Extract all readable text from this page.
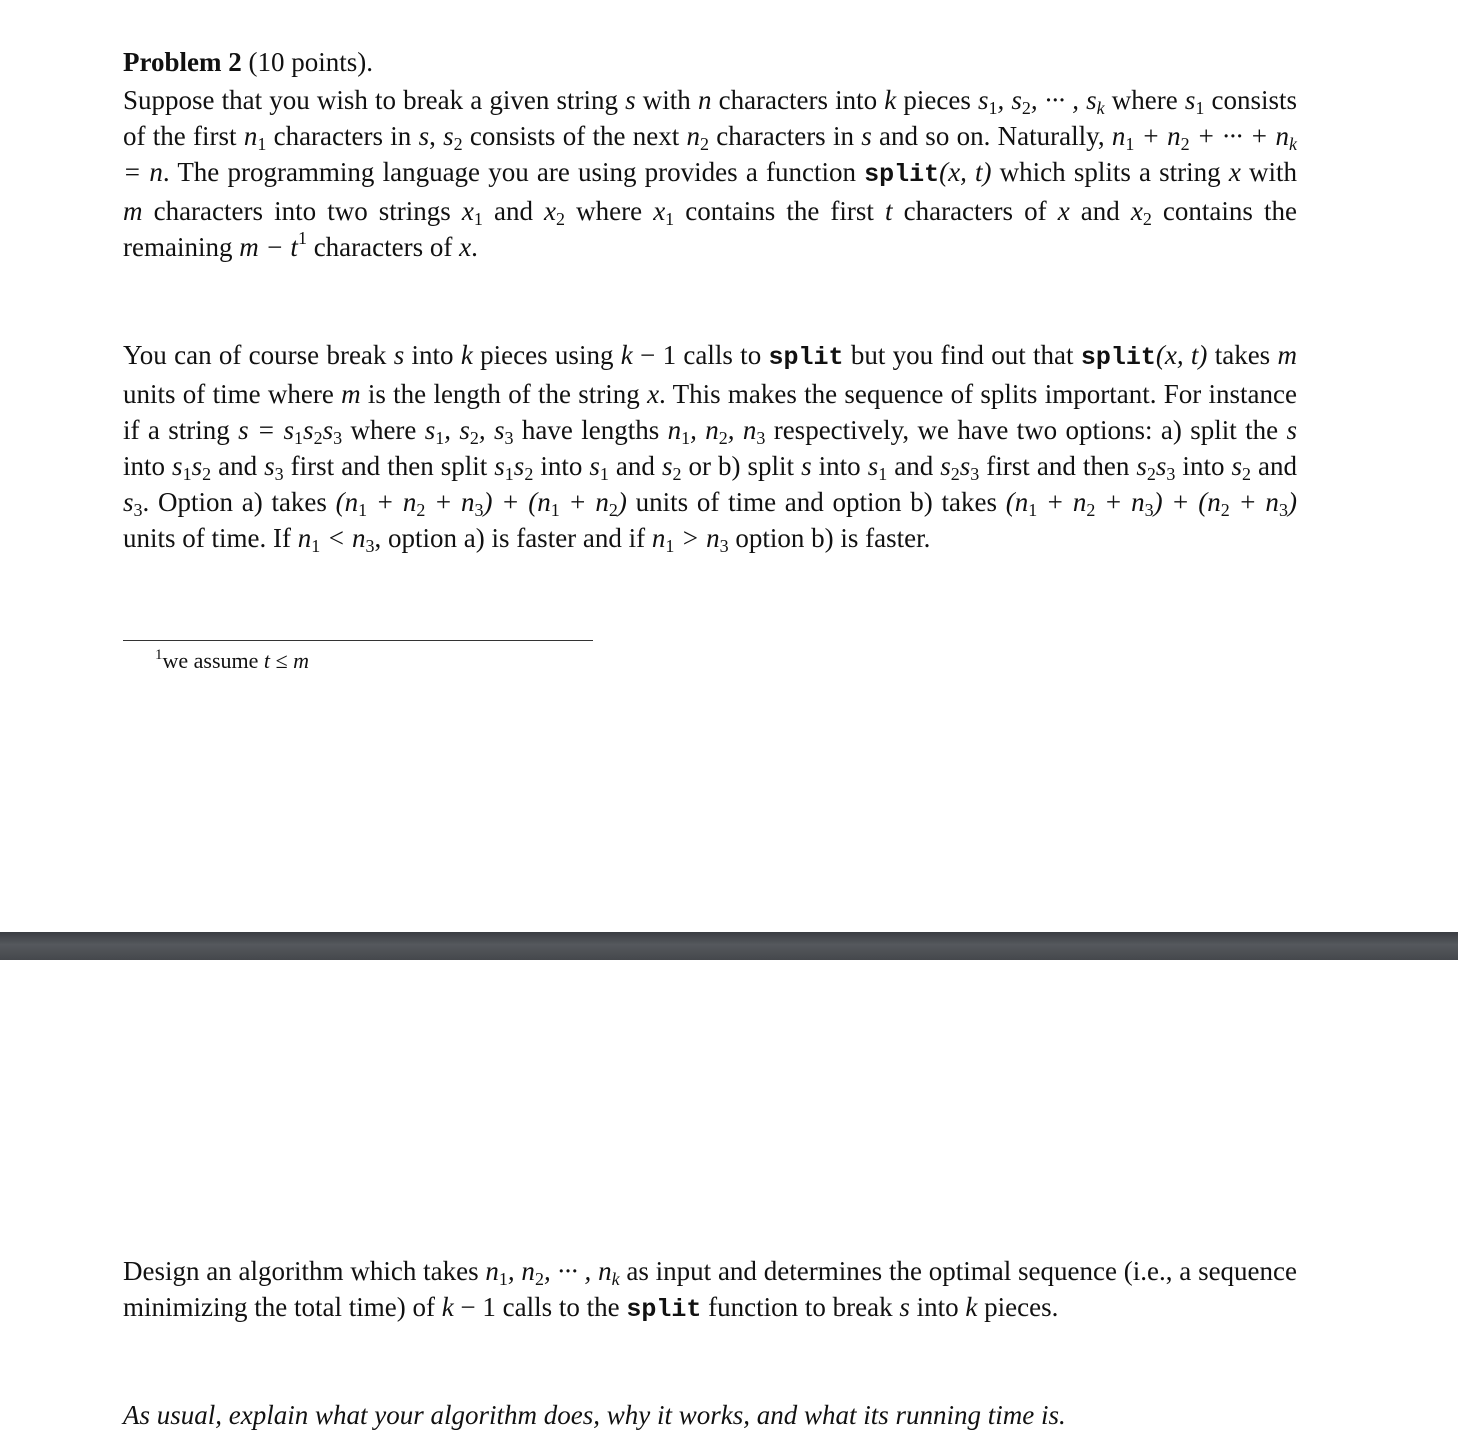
Problem 2 (10 points).
Suppose that you wish to break a given string s with n characters into k pieces $s_1$, $s_2$, ··· , $s_k$ where $s_1$ consists of the first $n_1$ characters in s, $s_2$ consists of the next $n_2$ characters in s and so on. Naturally, $n_1 + n_2$ + ··· + $n_k = n$. The programming language you are using provides a function split(x, t) which splits a string x with m characters into two strings $x_1$ and $x_2$ where $x_1$ contains the first t characters of x and $x_2$ contains the remaining $m - t^1$ characters of x.
You can of course break s into k pieces using k − 1 calls to split but you find out that split(x, t) takes m units of time where m is the length of the string x. This makes the sequence of splits important. For instance if a string $s = s_1s_2s_3$ where $s_1$, $s_2$, $s_3$ have lengths $n_1$, $n_2$, $n_3$ respectively, we have two options: a) split the s into $s_1s_2$ and $s_3$ first and then split $s_1s_2$ into $s_1$ and $s_2$ or b) split s into $s_1$ and $s_2s_3$ first and then $s_2s_3$ into $s_2$ and $s_3$. Option a) takes $(n_1 + n_2 + n_3) + (n_1 + n_2)$ units of time and option b) takes $(n_1 + n_2 + n_3) + (n_2 + n_3)$ units of time. If $n_1 < n_3$, option a) is faster and if $n_1 > n_3$ option b) is faster.
$^1$we assume t ≤ m
Design an algorithm which takes $n_1$, $n_2$, ··· , $n_k$ as input and determines the optimal sequence (i.e., a sequence minimizing the total time) of k − 1 calls to the split function to break s into k pieces.
As usual, explain what your algorithm does, why it works, and what its running time is.
